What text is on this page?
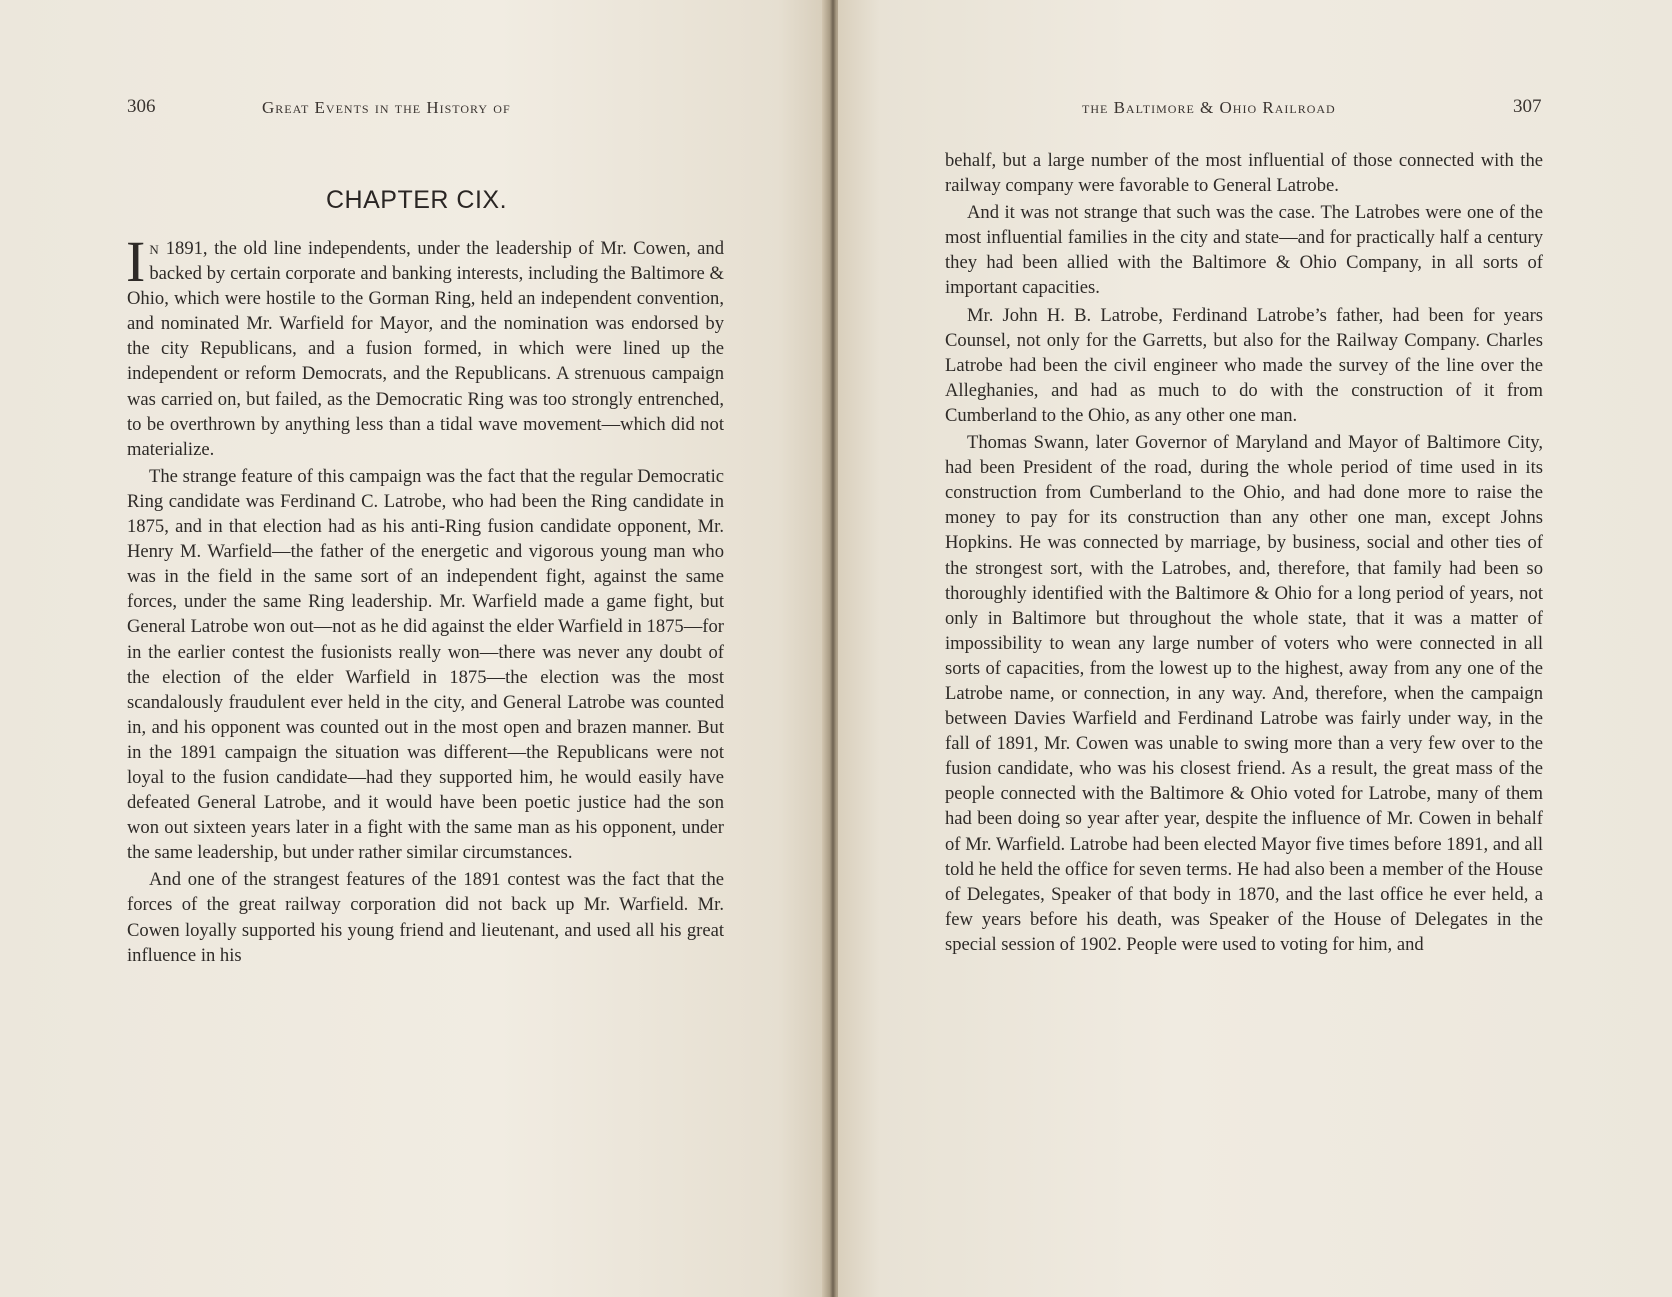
306	Great Events in the History of
CHAPTER CIX.

In 1891, the old line independents, under the leadership of Mr. Cowen, and backed by certain corporate and banking interests, including the Baltimore & Ohio, which were hostile to the Gorman Ring, held an independent convention, and nominated Mr. Warfield for Mayor, and the nomination was endorsed by the city Republicans, and a fusion formed, in which were lined up the independent or reform Democrats, and the Republicans. A strenuous campaign was carried on, but failed, as the Democratic Ring was too strongly entrenched, to be overthrown by anything less than a tidal wave movement—which did not materialize.

The strange feature of this campaign was the fact that the regular Democratic Ring candidate was Ferdinand C. Latrobe, who had been the Ring candidate in 1875, and in that election had as his anti-Ring fusion candidate opponent, Mr. Henry M. Warfield—the father of the energetic and vigorous young man who was in the field in the same sort of an independent fight, against the same forces, under the same Ring leadership. Mr. Warfield made a game fight, but General Latrobe won out—not as he did against the elder Warfield in 1875—for in the earlier contest the fusionists really won—there was never any doubt of the election of the elder Warfield in 1875—the election was the most scandalously fraudulent ever held in the city, and General Latrobe was counted in, and his opponent was counted out in the most open and brazen manner. But in the 1891 campaign the situation was different—the Republicans were not loyal to the fusion candidate—had they supported him, he would easily have defeated General Latrobe, and it would have been poetic justice had the son won out sixteen years later in a fight with the same man as his opponent, under the same leadership, but under rather similar circumstances.

And one of the strangest features of the 1891 contest was the fact that the forces of the great railway corporation did not back up Mr. Warfield. Mr. Cowen loyally supported his young friend and lieutenant, and used all his great influence in his

the Baltimore & Ohio Railroad	307

behalf, but a large number of the most influential of those connected with the railway company were favorable to General Latrobe.

And it was not strange that such was the case. The Latrobes were one of the most influential families in the city and state—and for practically half a century they had been allied with the Baltimore & Ohio Company, in all sorts of important capacities.

Mr. John H. B. Latrobe, Ferdinand Latrobe’s father, had been for years Counsel, not only for the Garretts, but also for the Railway Company. Charles Latrobe had been the civil engineer who made the survey of the line over the Alleghanies, and had as much to do with the construction of it from Cumberland to the Ohio, as any other one man.

Thomas Swann, later Governor of Maryland and Mayor of Baltimore City, had been President of the road, during the whole period of time used in its construction from Cumberland to the Ohio, and had done more to raise the money to pay for its construction than any other one man, except Johns Hopkins. He was connected by marriage, by business, social and other ties of the strongest sort, with the Latrobes, and, therefore, that family had been so thoroughly identified with the Baltimore & Ohio for a long period of years, not only in Baltimore but throughout the whole state, that it was a matter of impossibility to wean any large number of voters who were connected in all sorts of capacities, from the lowest up to the highest, away from any one of the Latrobe name, or connection, in any way. And, therefore, when the campaign between Davies Warfield and Ferdinand Latrobe was fairly under way, in the fall of 1891, Mr. Cowen was unable to swing more than a very few over to the fusion candidate, who was his closest friend. As a result, the great mass of the people connected with the Baltimore & Ohio voted for Latrobe, many of them had been doing so year after year, despite the influence of Mr. Cowen in behalf of Mr. Warfield. Latrobe had been elected Mayor five times before 1891, and all told he held the office for seven terms. He had also been a member of the House of Delegates, Speaker of that body in 1870, and the last office he ever held, a few years before his death, was Speaker of the House of Delegates in the special session of 1902. People were used to voting for him, and
